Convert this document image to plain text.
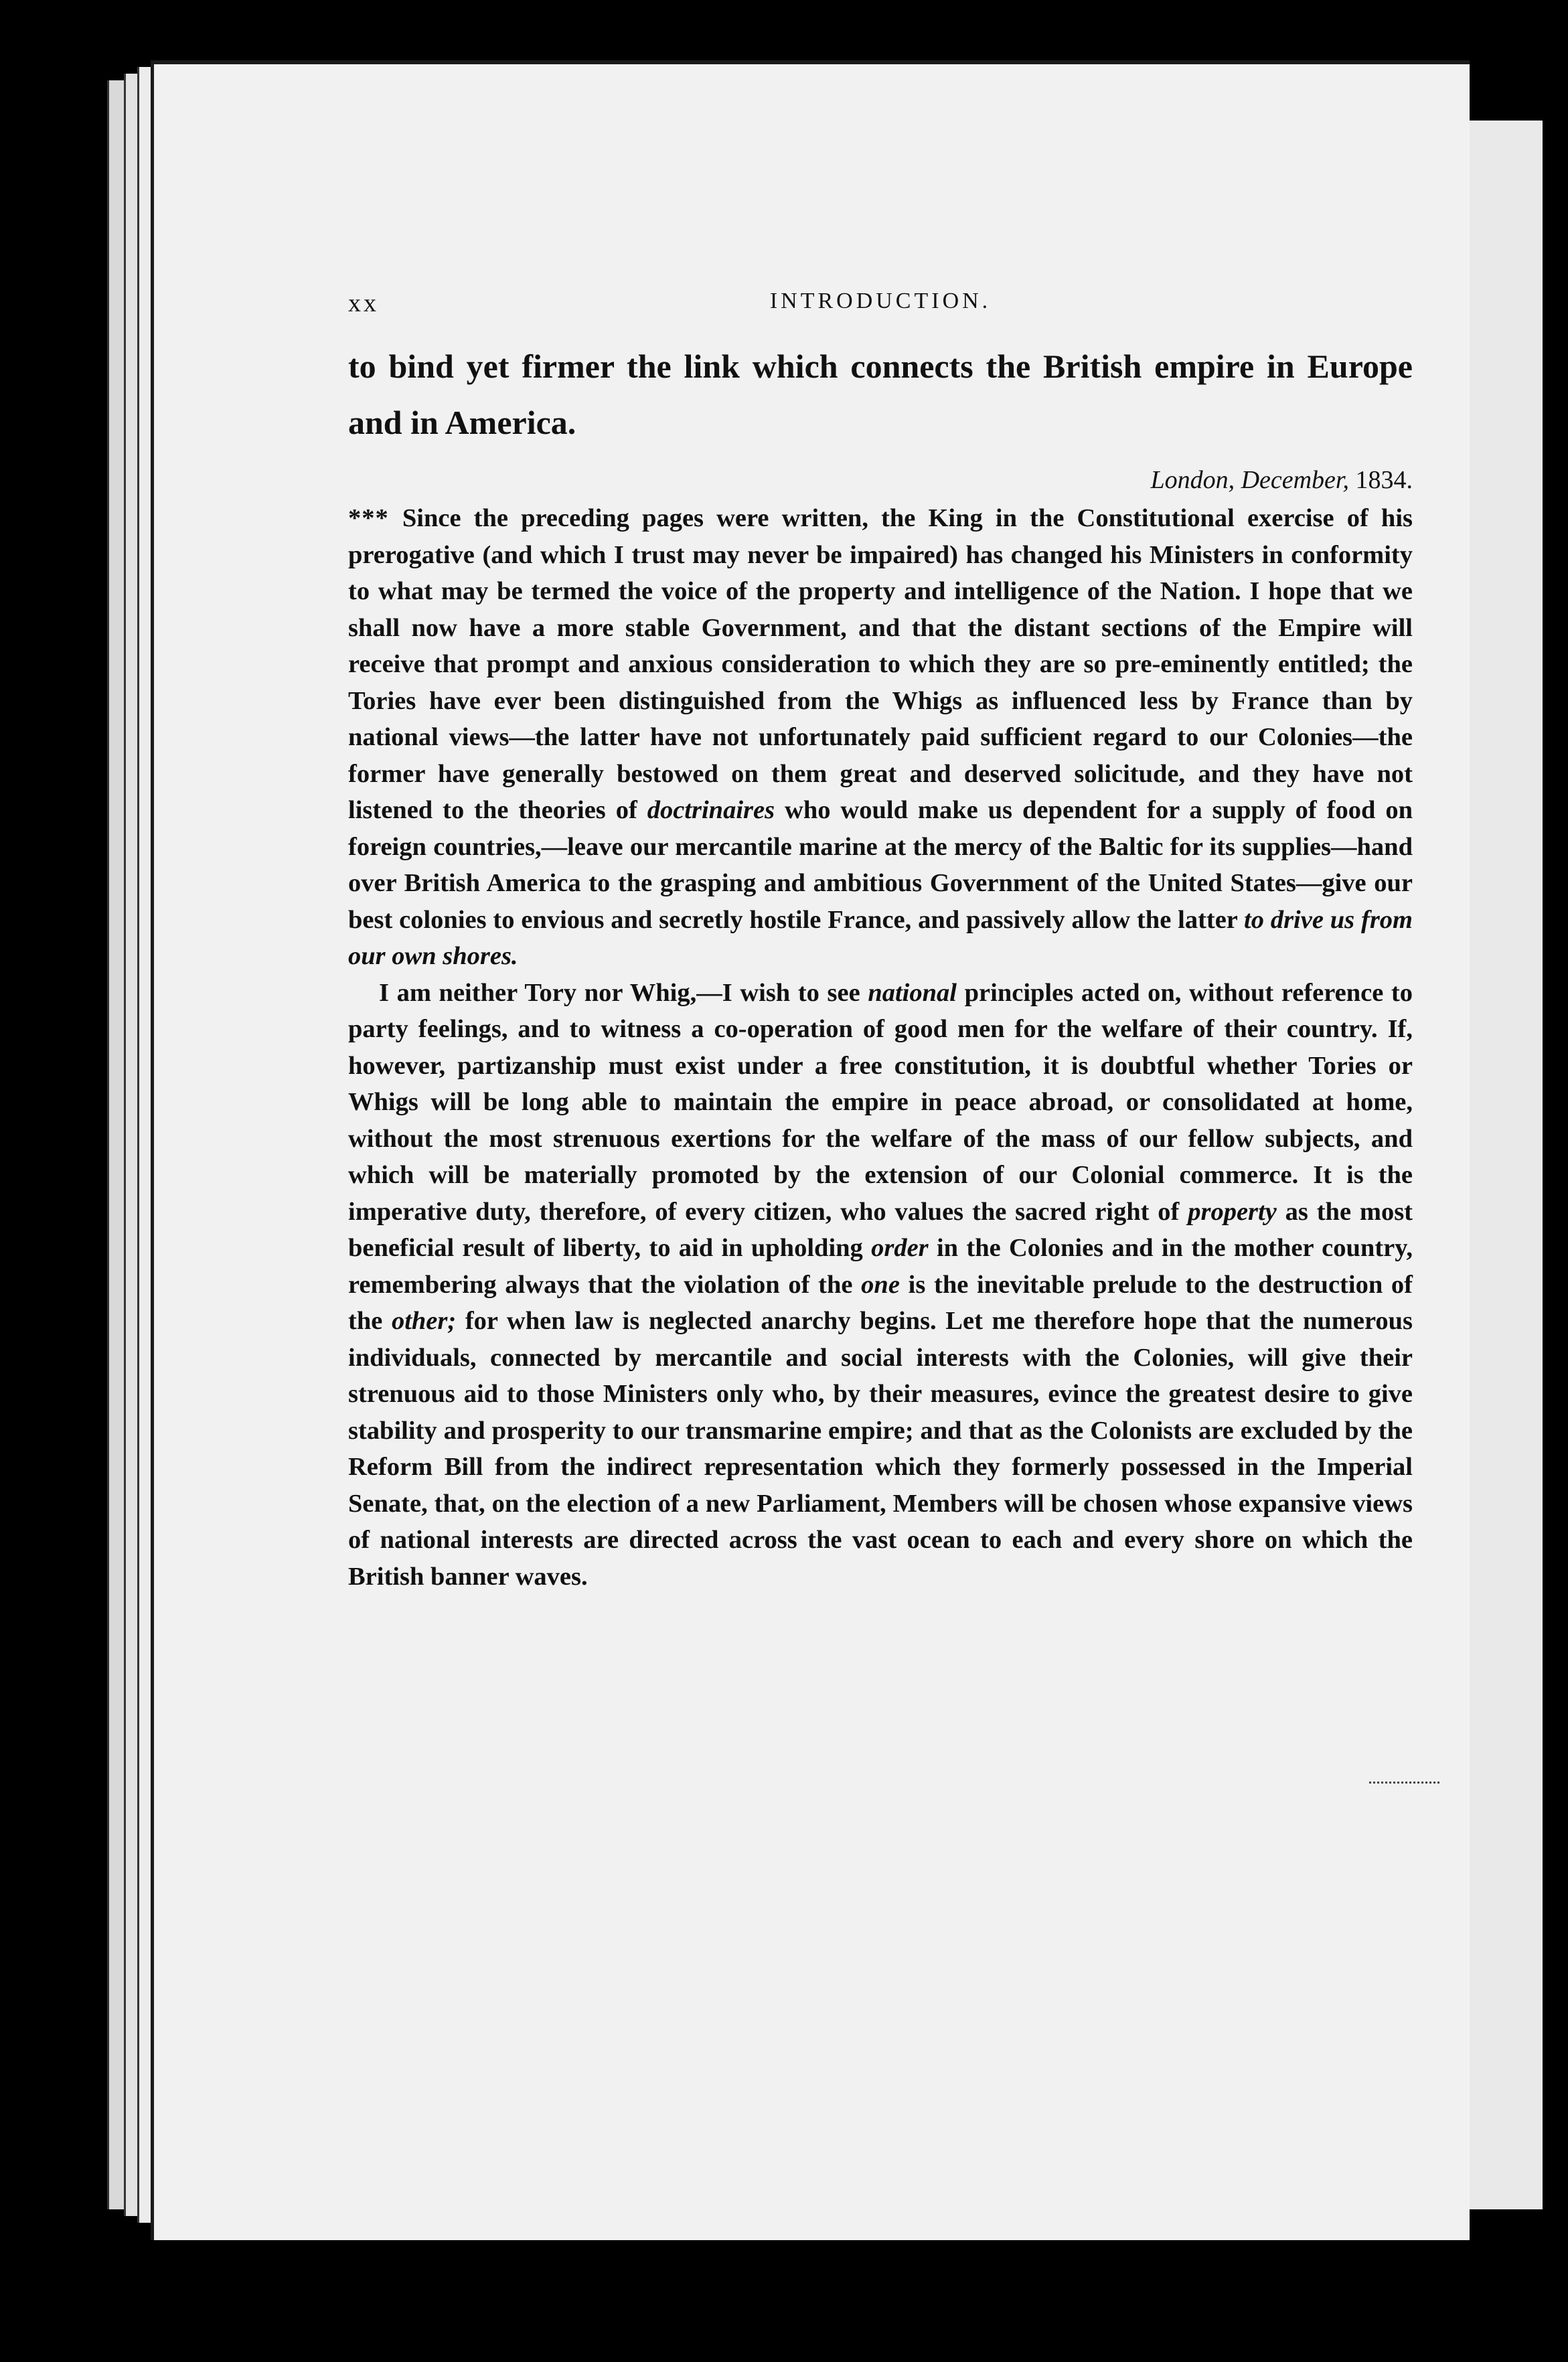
xx	INTRODUCTION.

to bind yet firmer the link which connects the British empire in Europe and in America.

London, December, 1834.

*** Since the preceding pages were written, the King in the Constitutional exercise of his prerogative (and which I trust may never be impaired) has changed his Ministers in conformity to what may be termed the voice of the property and intelligence of the Nation. I hope that we shall now have a more stable Government, and that the distant sections of the Empire will receive that prompt and anxious consideration to which they are so pre-eminently entitled; the Tories have ever been distinguished from the Whigs as influenced less by France than by national views—the latter have not unfortunately paid sufficient regard to our Colonies—the former have generally bestowed on them great and deserved solicitude, and they have not listened to the theories of doctrinaires who would make us dependent for a supply of food on foreign countries,—leave our mercantile marine at the mercy of the Baltic for its supplies—hand over British America to the grasping and ambitious Government of the United States—give our best colonies to envious and secretly hostile France, and passively allow the latter to drive us from our own shores.

I am neither Tory nor Whig,—I wish to see national principles acted on, without reference to party feelings, and to witness a co-operation of good men for the welfare of their country. If, however, partizanship must exist under a free constitution, it is doubtful whether Tories or Whigs will be long able to maintain the empire in peace abroad, or consolidated at home, without the most strenuous exertions for the welfare of the mass of our fellow subjects, and which will be materially promoted by the extension of our Colonial commerce. It is the imperative duty, therefore, of every citizen, who values the sacred right of property as the most beneficial result of liberty, to aid in upholding order in the Colonies and in the mother country, remembering always that the violation of the one is the inevitable prelude to the destruction of the other; for when law is neglected anarchy begins. Let me therefore hope that the numerous individuals, connected by mercantile and social interests with the Colonies, will give their strenuous aid to those Ministers only who, by their measures, evince the greatest desire to give stability and prosperity to our transmarine empire; and that as the Colonists are excluded by the Reform Bill from the indirect representation which they formerly possessed in the Imperial Senate, that, on the election of a new Parliament, Members will be chosen whose expansive views of national interests are directed across the vast ocean to each and every shore on which the British banner waves.
